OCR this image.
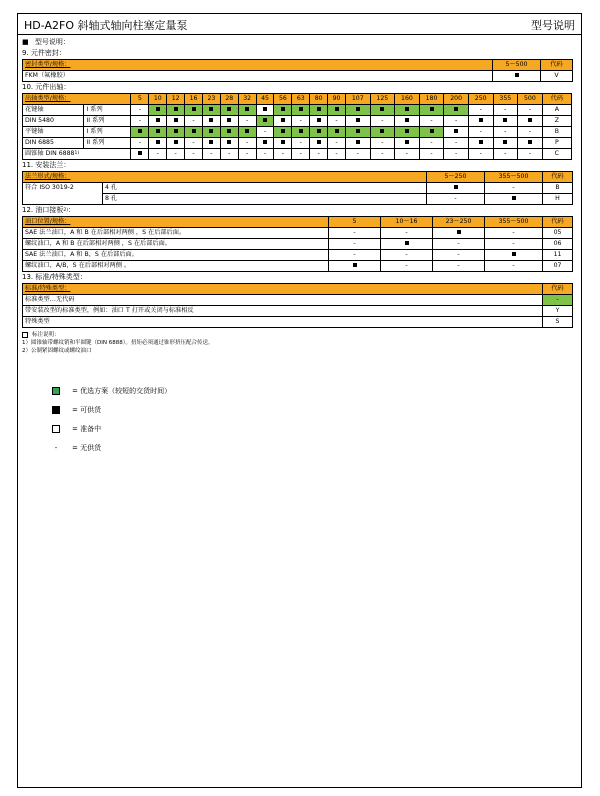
HD-A2FO 斜轴式轴向柱塞定量泵	型号说明
■ 型号说明：
9. 元件密封：
密封类型/规格：	5～500	代码
FKM（氟橡胶）		V
10. 元件出轴：
出轴类型/规格：		5	10	12	16	23	28	32	45	56	63	80	90	107	125	160	180	200	250	355	500	代码
花键轴	I 系列	-																	-	-	-	A
DIN 5480	II 系列	-			-			-			-		-		-		-	-				Z
平键轴	I 系列								-										-	-	-	B
DIN 6885	II 系列	-			-			-			-		-		-		-	-				P
圆锥轴 DIN 6888$^{1)}$			-	-	-	-	-	-	-	-	-	-	-	-	-	-	-	-	-	-	-	C
11. 安装法兰：
法兰形式/规格：		5～250	355～500	代码
符合 ISO 3019-2	4 孔		-	B
	8 孔	-		H
12. 油口接板$^{2)}$：
油口位置/规格：	5	10～16	23～250	355～500	代码
SAE 法兰油口，A 和 B 在后部相对两侧 ，S 在后部后面。	-	-		-	05
螺纹油口，A 和 B 在后部相对两侧 ，S 在后部后面。	-		-	-	06
SAE 法兰油口，A 和 B，S 在后部后面。	-	-	-		11
螺纹油口，A/B，S 在后部相对两侧 。		-	-	-	07
13. 标准/特殊类型：
标准/特殊类型：	代码
标准类型…无代码	-
带安装改型的标准类型，例如：油口 T 打开或关闭与标准相反	Y
特殊类型	S
标注说明：
1）圆锥轴带螺纹销和半圆键（DIN 6888）。扭矩必须通过锥形挤压配合传送。
2）公制紧固螺纹或螺纹油口
= 优选方案（较短的交货时间）
= 可供货
= 准备中
-	= 无供货
